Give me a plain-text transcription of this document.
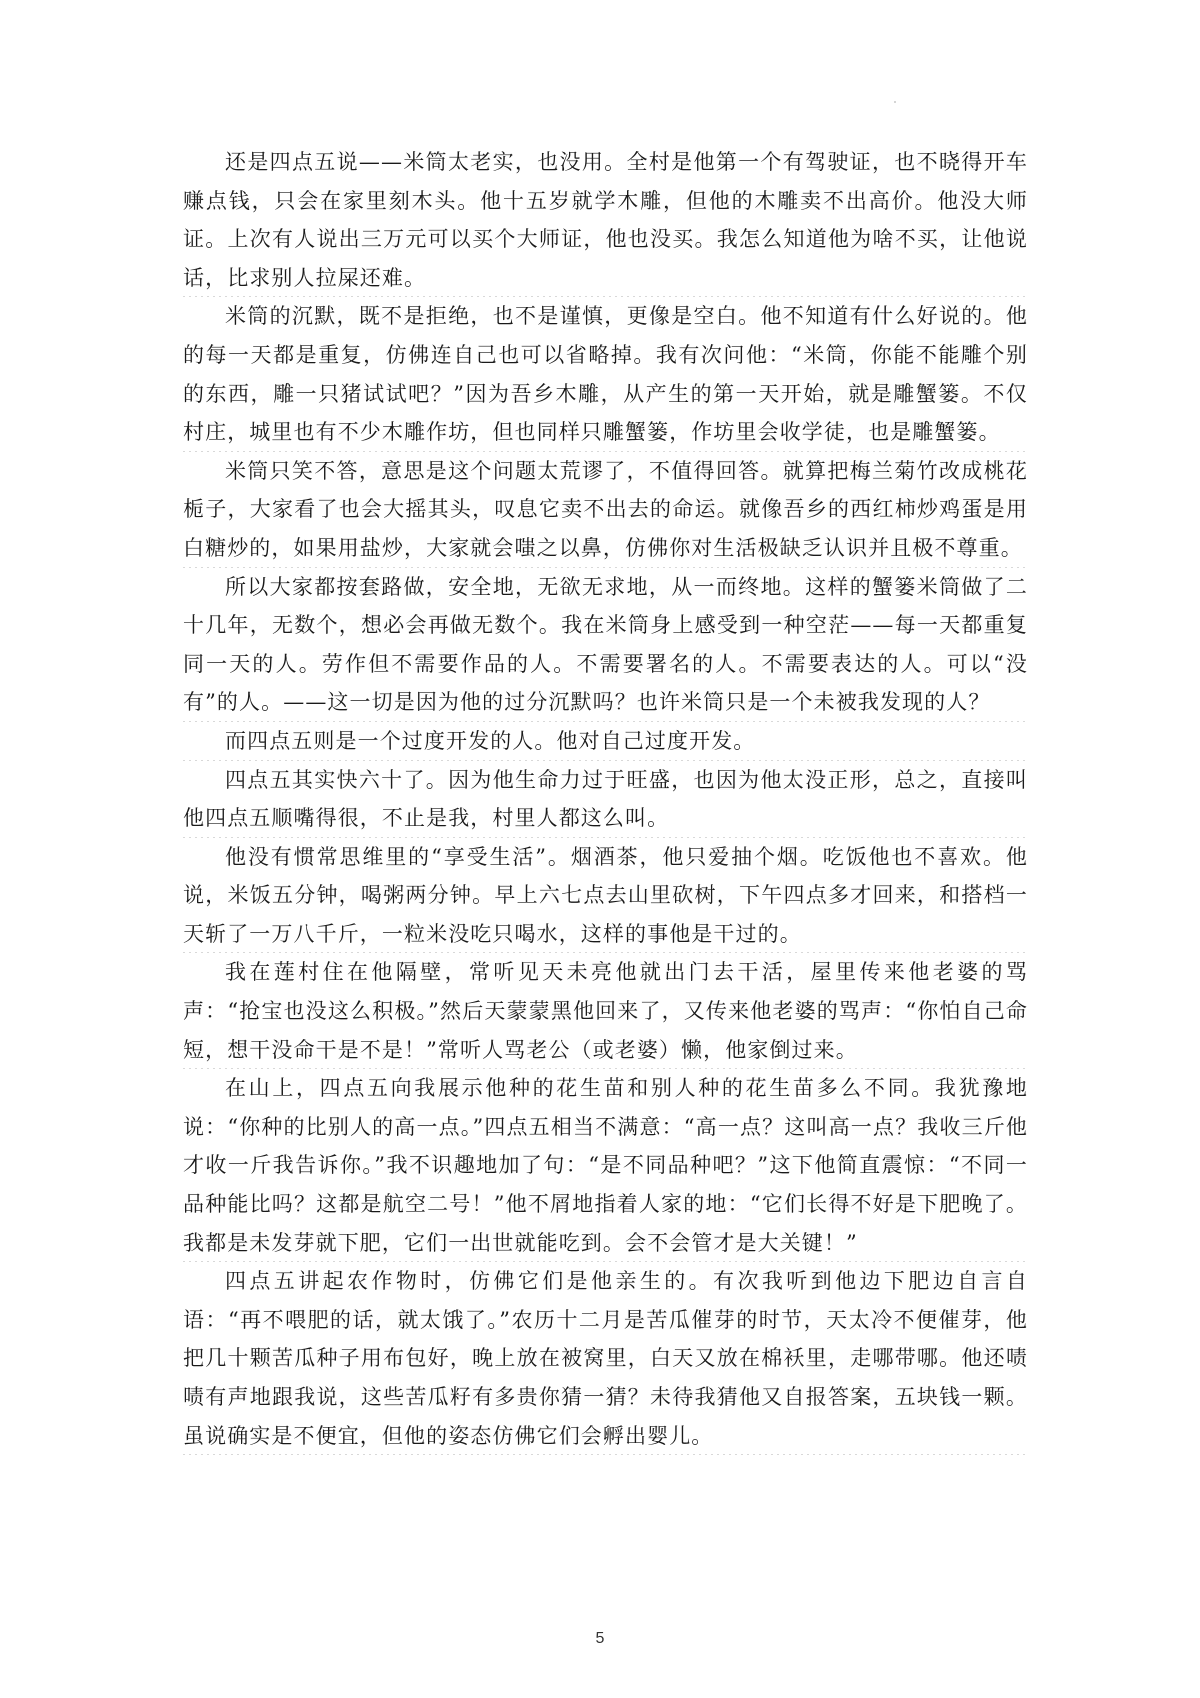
还是四点五说——米筒太老实，也没用。全村是他第一个有驾驶证，也不晓得开车赚点钱，只会在家里刻木头。他十五岁就学木雕，但他的木雕卖不出高价。他没大师证。上次有人说出三万元可以买个大师证，他也没买。我怎么知道他为啥不买，让他说话，比求别人拉屎还难。

米筒的沉默，既不是拒绝，也不是谨慎，更像是空白。他不知道有什么好说的。他的每一天都是重复，仿佛连自己也可以省略掉。我有次问他：“米筒，你能不能雕个别的东西，雕一只猪试试吧？”因为吾乡木雕，从产生的第一天开始，就是雕蟹篓。不仅村庄，城里也有不少木雕作坊，但也同样只雕蟹篓，作坊里会收学徒，也是雕蟹篓。

米筒只笑不答，意思是这个问题太荒谬了，不值得回答。就算把梅兰菊竹改成桃花栀子，大家看了也会大摇其头，叹息它卖不出去的命运。就像吾乡的西红柿炒鸡蛋是用白糖炒的，如果用盐炒，大家就会嗤之以鼻，仿佛你对生活极缺乏认识并且极不尊重。

所以大家都按套路做，安全地，无欲无求地，从一而终地。这样的蟹篓米筒做了二十几年，无数个，想必会再做无数个。我在米筒身上感受到一种空茫——每一天都重复同一天的人。劳作但不需要作品的人。不需要署名的人。不需要表达的人。可以“没有”的人。——这一切是因为他的过分沉默吗？也许米筒只是一个未被我发现的人？

而四点五则是一个过度开发的人。他对自己过度开发。

四点五其实快六十了。因为他生命力过于旺盛，也因为他太没正形，总之，直接叫他四点五顺嘴得很，不止是我，村里人都这么叫。

他没有惯常思维里的“享受生活”。烟酒茶，他只爱抽个烟。吃饭他也不喜欢。他说，米饭五分钟，喝粥两分钟。早上六七点去山里砍树，下午四点多才回来，和搭档一天斩了一万八千斤，一粒米没吃只喝水，这样的事他是干过的。

我在莲村住在他隔壁，常听见天未亮他就出门去干活，屋里传来他老婆的骂声：“抢宝也没这么积极。”然后天蒙蒙黑他回来了，又传来他老婆的骂声：“你怕自己命短，想干没命干是不是！”常听人骂老公（或老婆）懒，他家倒过来。

在山上，四点五向我展示他种的花生苗和别人种的花生苗多么不同。我犹豫地说：“你种的比别人的高一点。”四点五相当不满意：“高一点？这叫高一点？我收三斤他才收一斤我告诉你。”我不识趣地加了句：“是不同品种吧？”这下他简直震惊：“不同一品种能比吗？这都是航空二号！”他不屑地指着人家的地：“它们长得不好是下肥晚了。我都是未发芽就下肥，它们一出世就能吃到。会不会管才是大关键！”

四点五讲起农作物时，仿佛它们是他亲生的。有次我听到他边下肥边自言自语：“再不喂肥的话，就太饿了。”农历十二月是苦瓜催芽的时节，天太冷不便催芽，他把几十颗苦瓜种子用布包好，晚上放在被窝里，白天又放在棉袄里，走哪带哪。他还啧啧有声地跟我说，这些苦瓜籽有多贵你猜一猜？未待我猜他又自报答案，五块钱一颗。虽说确实是不便宜，但他的姿态仿佛它们会孵出婴儿。

5
